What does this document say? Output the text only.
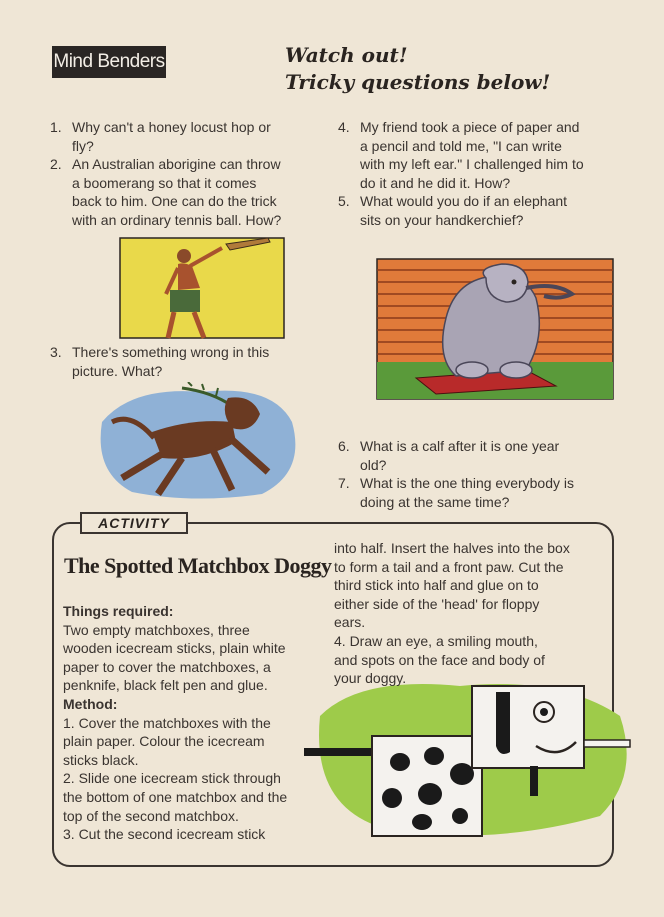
Mind Benders	Watch out!
Tricky questions below!
1. Why can't a honey locust hop or
fly?
2. An Australian aborigine can throw
a boomerang so that it comes
back to him. One can do the trick
with an ordinary tennis ball. How?
3. There's something wrong in this
picture. What?
4. My friend took a piece of paper and
a pencil and told me, "I can write
with my left ear." I challenged him to
do it and he did it. How?
5. What would you do if an elephant
sits on your handkerchief?
6. What is a calf after it is one year
old?
7. What is the one thing everybody is
doing at the same time?
ACTIVITY
The Spotted Matchbox Doggy
Things required:
Two empty matchboxes, three
wooden icecream sticks, plain white
paper to cover the matchboxes, a
penknife, black felt pen and glue.
Method:
1. Cover the matchboxes with the
plain paper. Colour the icecream
sticks black.
2. Slide one icecream stick through
the bottom of one matchbox and the
top of the second matchbox.
3. Cut the second icecream stick
into half. Insert the halves into the box
to form a tail and a front paw. Cut the
third stick into half and glue on to
either side of the 'head' for floppy
ears.
4. Draw an eye, a smiling mouth,
and spots on the face and body of
your doggy.
